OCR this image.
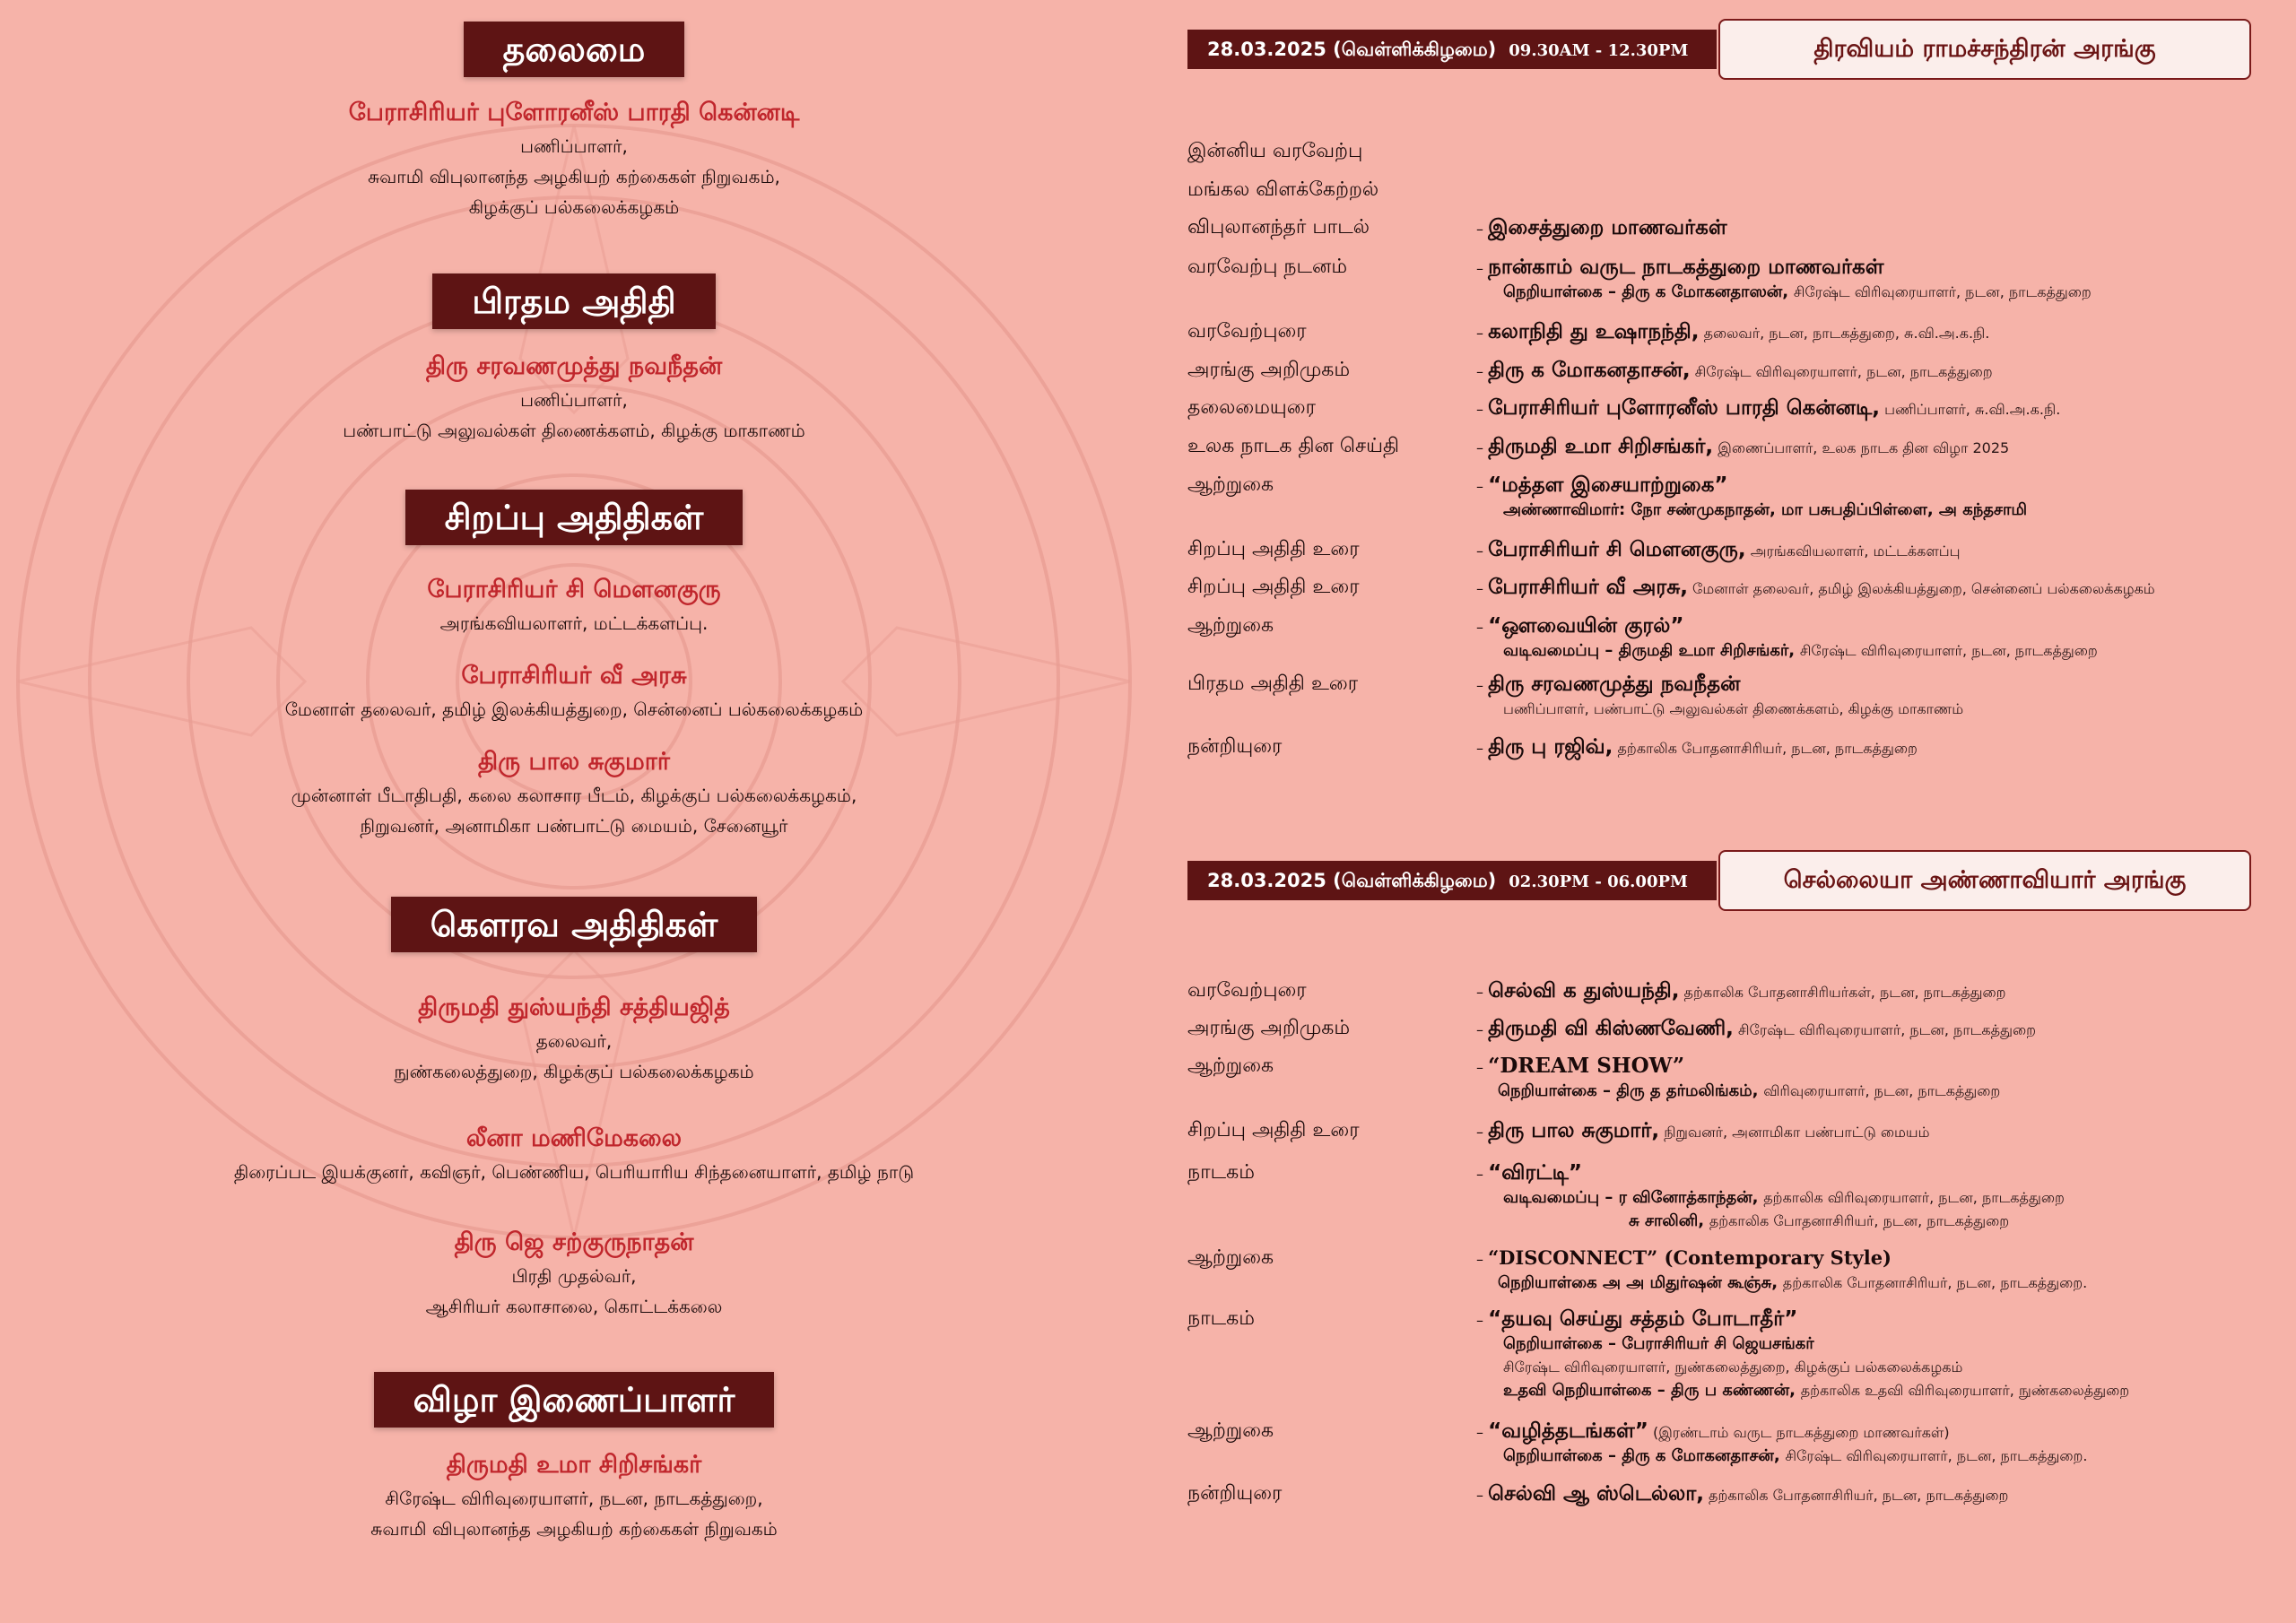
தலைமை
பேராசிரியர் புளோரனீஸ் பாரதி கென்னடி
பணிப்பாளர்,
சுவாமி விபுலானந்த அழகியற் கற்கைகள் நிறுவகம்,
கிழக்குப் பல்கலைக்கழகம்
பிரதம அதிதி
திரு சரவணமுத்து நவநீதன்
பணிப்பாளர்,
பண்பாட்டு அலுவல்கள் திணைக்களம், கிழக்கு மாகாணம்
சிறப்பு அதிதிகள்
பேராசிரியர் சி மௌனகுரு
அரங்கவியலாளர், மட்டக்களப்பு.
பேராசிரியர் வீ அரசு
மேனாள் தலைவர், தமிழ் இலக்கியத்துறை, சென்னைப் பல்கலைக்கழகம்
திரு பால சுகுமார்
முன்னாள் பீடாதிபதி, கலை கலாசார பீடம், கிழக்குப் பல்கலைக்கழகம்,
நிறுவனர், அனாமிகா பண்பாட்டு மையம், சேனையூர்
கௌரவ அதிதிகள்
திருமதி துஸ்யந்தி சத்தியஜித்
தலைவர்,
நுண்கலைத்துறை, கிழக்குப் பல்கலைக்கழகம்
லீனா மணிமேகலை
திரைப்பட இயக்குனர், கவிஞர், பெண்ணிய, பெரியாரிய சிந்தனையாளர், தமிழ் நாடு
திரு ஜெ சற்குருநாதன்
பிரதி முதல்வர்,
ஆசிரியர் கலாசாலை, கொட்டக்கலை
விழா இணைப்பாளர்
திருமதி உமா சிறிசங்கர்
சிரேஷ்ட விரிவுரையாளர், நடன, நாடகத்துறை,
சுவாமி விபுலானந்த அழகியற் கற்கைகள் நிறுவகம்
28.03.2025 (வெள்ளிக்கிழமை) 09.30AM - 12.30PM	திரவியம் ராமச்சந்திரன் அரங்கு
இன்னிய வரவேற்பு
மங்கல விளக்கேற்றல்
விபுலானந்தர் பாடல்	– இசைத்துறை மாணவர்கள்
வரவேற்பு நடனம்	– நான்காம் வருட நாடகத்துறை மாணவர்கள்
நெறியாள்கை – திரு க மோகனதாஸன், சிரேஷ்ட விரிவுரையாளர், நடன, நாடகத்துறை
வரவேற்புரை	– கலாநிதி து உஷாநந்தி, தலைவர், நடன, நாடகத்துறை, சு.வி.அ.க.நி.
அரங்கு அறிமுகம்	– திரு க மோகனதாசன், சிரேஷ்ட விரிவுரையாளர், நடன, நாடகத்துறை
தலைமையுரை	– பேராசிரியர் புளோரனீஸ் பாரதி கென்னடி, பணிப்பாளர், சு.வி.அ.க.நி.
உலக நாடக தின செய்தி	– திருமதி உமா சிறிசங்கர், இணைப்பாளர், உலக நாடக தின விழா 2025
ஆற்றுகை	– “மத்தள இசையாற்றுகை”
அண்ணாவிமார்: நோ சண்முகநாதன், மா பசுபதிப்பிள்ளை, அ கந்தசாமி
சிறப்பு அதிதி உரை	– பேராசிரியர் சி மௌனகுரு, அரங்கவியலாளர், மட்டக்களப்பு
சிறப்பு அதிதி உரை	– பேராசிரியர் வீ அரசு, மேனாள் தலைவர், தமிழ் இலக்கியத்துறை, சென்னைப் பல்கலைக்கழகம்
ஆற்றுகை	– “ஔவையின் குரல்”
வடிவமைப்பு – திருமதி உமா சிறிசங்கர், சிரேஷ்ட விரிவுரையாளர், நடன, நாடகத்துறை
பிரதம அதிதி உரை	– திரு சரவணமுத்து நவநீதன்
பணிப்பாளர், பண்பாட்டு அலுவல்கள் திணைக்களம், கிழக்கு மாகாணம்
நன்றியுரை	– திரு பு ரஜிவ், தற்காலிக போதனாசிரியர், நடன, நாடகத்துறை
28.03.2025 (வெள்ளிக்கிழமை) 02.30PM - 06.00PM	செல்லையா அண்ணாவியார் அரங்கு
வரவேற்புரை	– செல்வி க துஸ்யந்தி, தற்காலிக போதனாசிரியர்கள், நடன, நாடகத்துறை
அரங்கு அறிமுகம்	– திருமதி வி கிஸ்ணவேணி, சிரேஷ்ட விரிவுரையாளர், நடன, நாடகத்துறை
ஆற்றுகை	– “DREAM SHOW”
நெறியாள்கை – திரு த தர்மலிங்கம், விரிவுரையாளர், நடன, நாடகத்துறை
சிறப்பு அதிதி உரை	– திரு பால சுகுமார், நிறுவனர், அனாமிகா பண்பாட்டு மையம்
நாடகம்	– “விரட்டி”
வடிவமைப்பு – ர வினோத்காந்தன், தற்காலிக விரிவுரையாளர், நடன, நாடகத்துறை
சு சாலினி, தற்காலிக போதனாசிரியர், நடன, நாடகத்துறை
ஆற்றுகை	– “DISCONNECT” (Contemporary Style)
நெறியாள்கை அ அ மிதுர்ஷன் கூஞ்சு, தற்காலிக போதனாசிரியர், நடன, நாடகத்துறை.
நாடகம்	– “தயவு செய்து சத்தம் போடாதீர்”
நெறியாள்கை – பேராசிரியர் சி ஜெயசங்கர்
சிரேஷ்ட விரிவுரையாளர், நுண்கலைத்துறை, கிழக்குப் பல்கலைக்கழகம்
உதவி நெறியாள்கை – திரு ப கண்ணன், தற்காலிக உதவி விரிவுரையாளர், நுண்கலைத்துறை
ஆற்றுகை	– “வழித்தடங்கள்” (இரண்டாம் வருட நாடகத்துறை மாணவர்கள்)
நெறியாள்கை – திரு க மோகனதாசன், சிரேஷ்ட விரிவுரையாளர், நடன, நாடகத்துறை.
நன்றியுரை	– செல்வி ஆ ஸ்டெல்லா, தற்காலிக போதனாசிரியர், நடன, நாடகத்துறை
